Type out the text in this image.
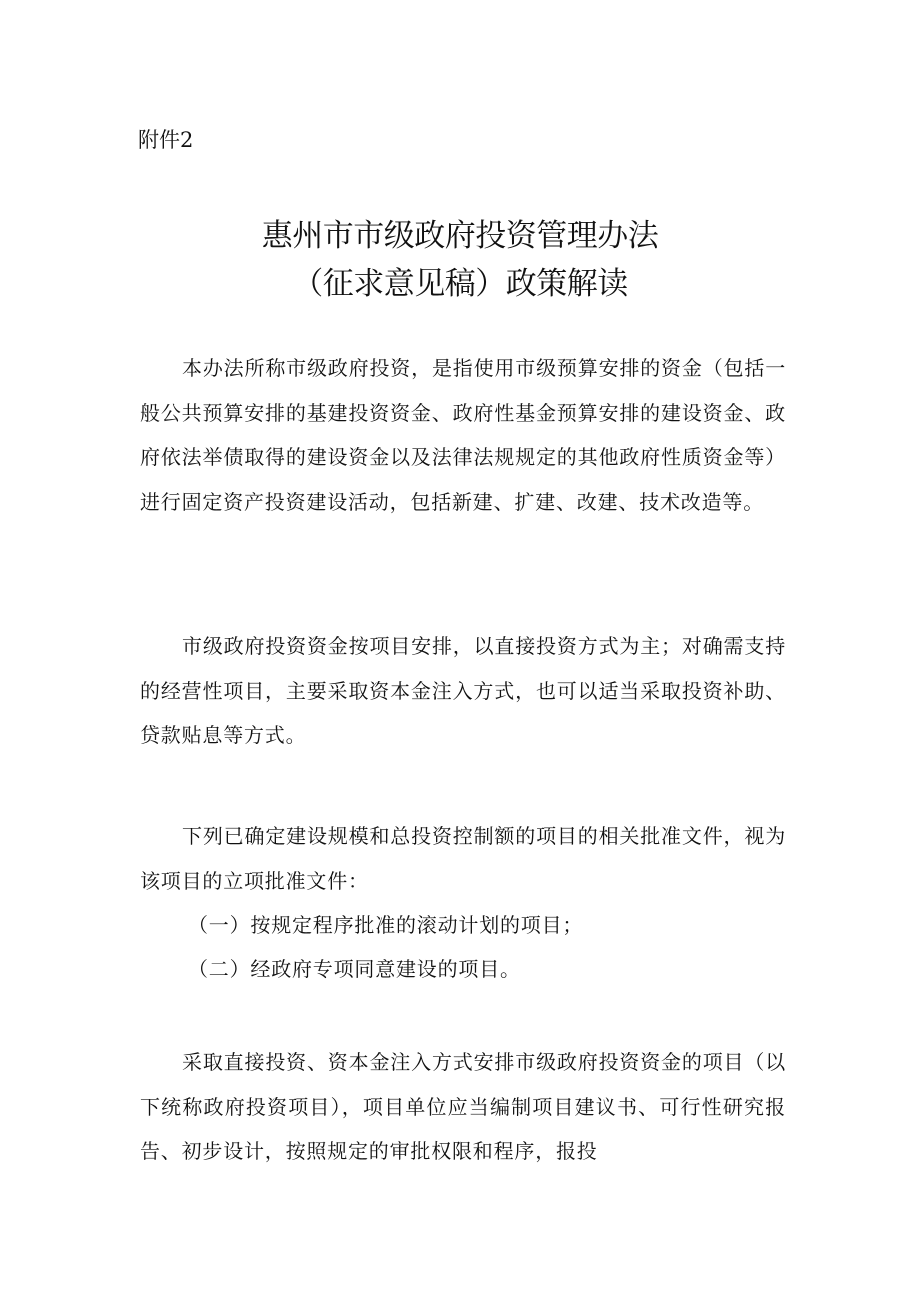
附件2
惠州市市级政府投资管理办法
（征求意见稿）政策解读

本办法所称市级政府投资，是指使用市级预算安排的资金（包括一般公共预算安排的基建投资资金、政府性基金预算安排的建设资金、政府依法举债取得的建设资金以及法律法规规定的其他政府性质资金等）进行固定资产投资建设活动，包括新建、扩建、改建、技术改造等。

市级政府投资资金按项目安排，以直接投资方式为主；对确需支持的经营性项目，主要采取资本金注入方式，也可以适当采取投资补助、贷款贴息等方式。

下列已确定建设规模和总投资控制额的项目的相关批准文件，视为该项目的立项批准文件：

（一）按规定程序批准的滚动计划的项目；

（二）经政府专项同意建设的项目。

采取直接投资、资本金注入方式安排市级政府投资资金的项目（以下统称政府投资项目），项目单位应当编制项目建议书、可行性研究报告、初步设计，按照规定的审批权限和程序，报投
